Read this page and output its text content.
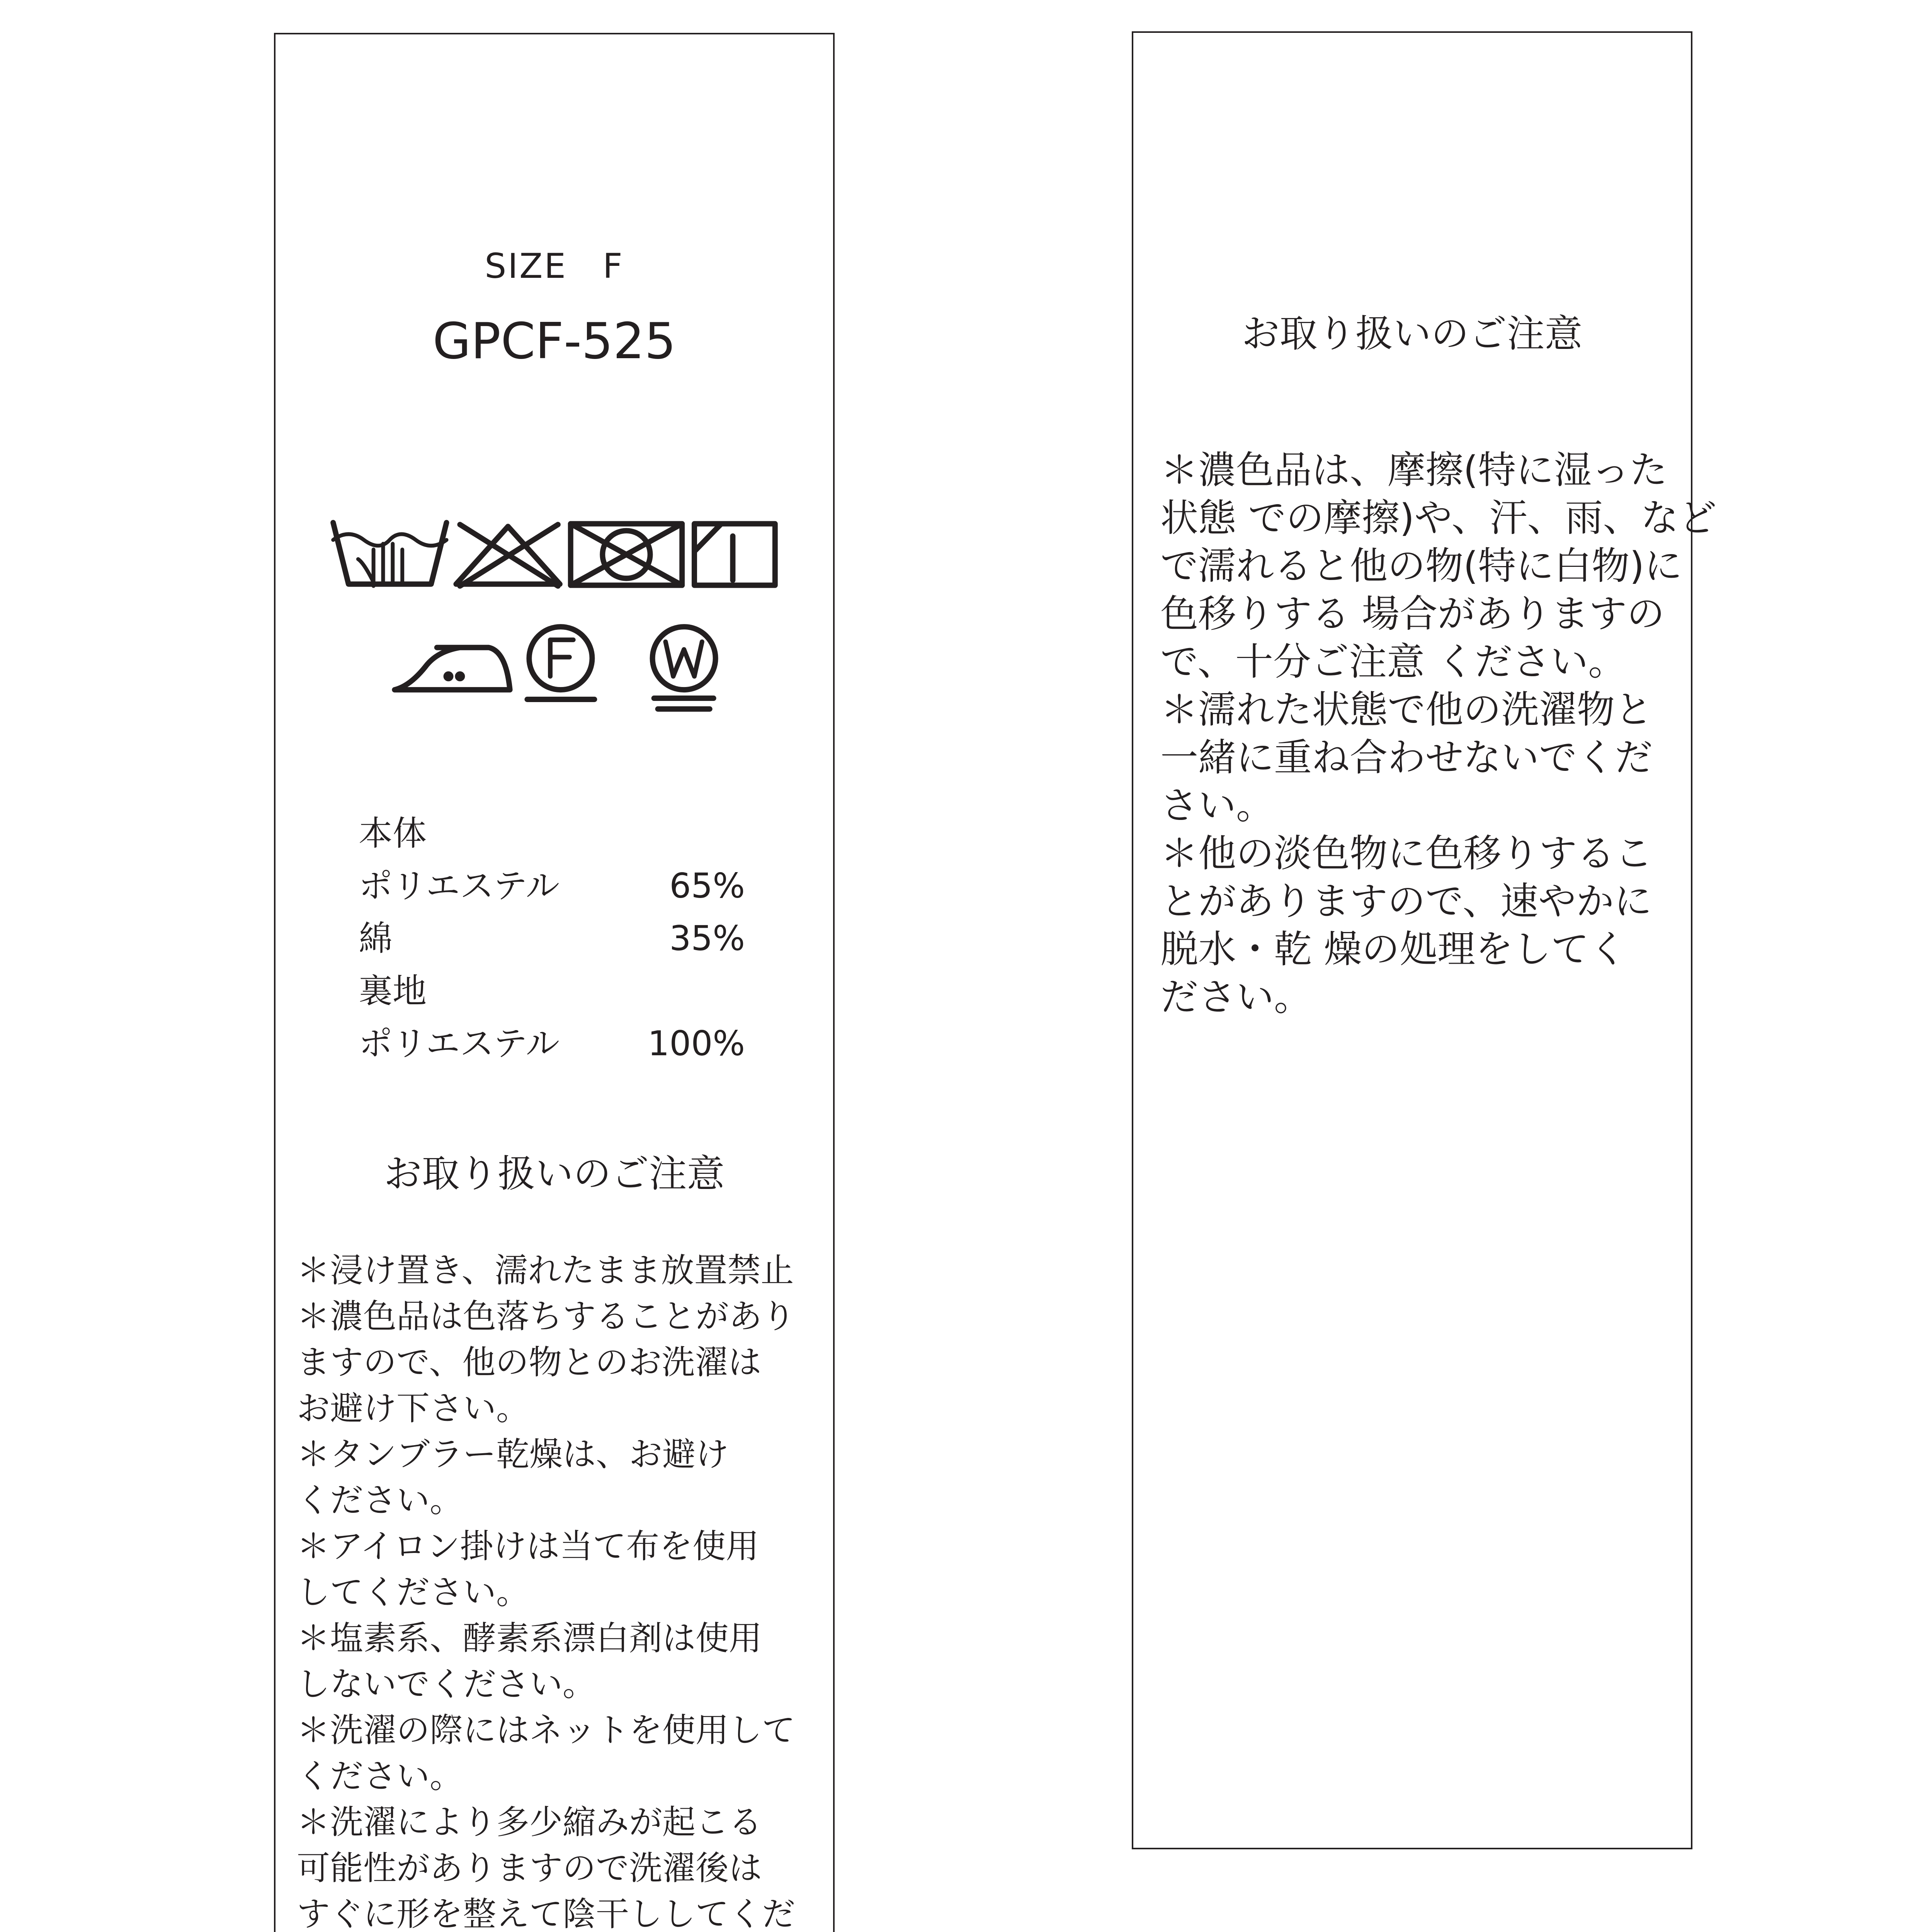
SIZE　F
GPCF-525
本体
ポリエステル	65%
綿	35%
裏地
ポリエステル	100%
お取り扱いのご注意
＊浸け置き、濡れたまま放置禁止
＊濃色品は色落ちすることがあり
ますので、他の物とのお洗濯は
お避け下さい。
＊タンブラー乾燥は、お避け
ください。
＊アイロン掛けは当て布を使用
してください。
＊塩素系、酵素系漂白剤は使用
しないでください。
＊洗濯の際にはネットを使用して
ください。
＊洗濯により多少縮みが起こる
可能性がありますので洗濯後は
すぐに形を整えて陰干ししてくだ
お取り扱いのご注意
＊濃色品は、摩擦(特に湿った
状態 での摩擦)や、汗、雨、など
で濡れると他の物(特に白物)に
色移りする 場合がありますの
で、十分ご注意 ください。
＊濡れた状態で他の洗濯物と
一緒に重ね合わせないでくだ
さい。
＊他の淡色物に色移りするこ
とがありますので、速やかに
脱水・乾 燥の処理をしてく
ださい。
